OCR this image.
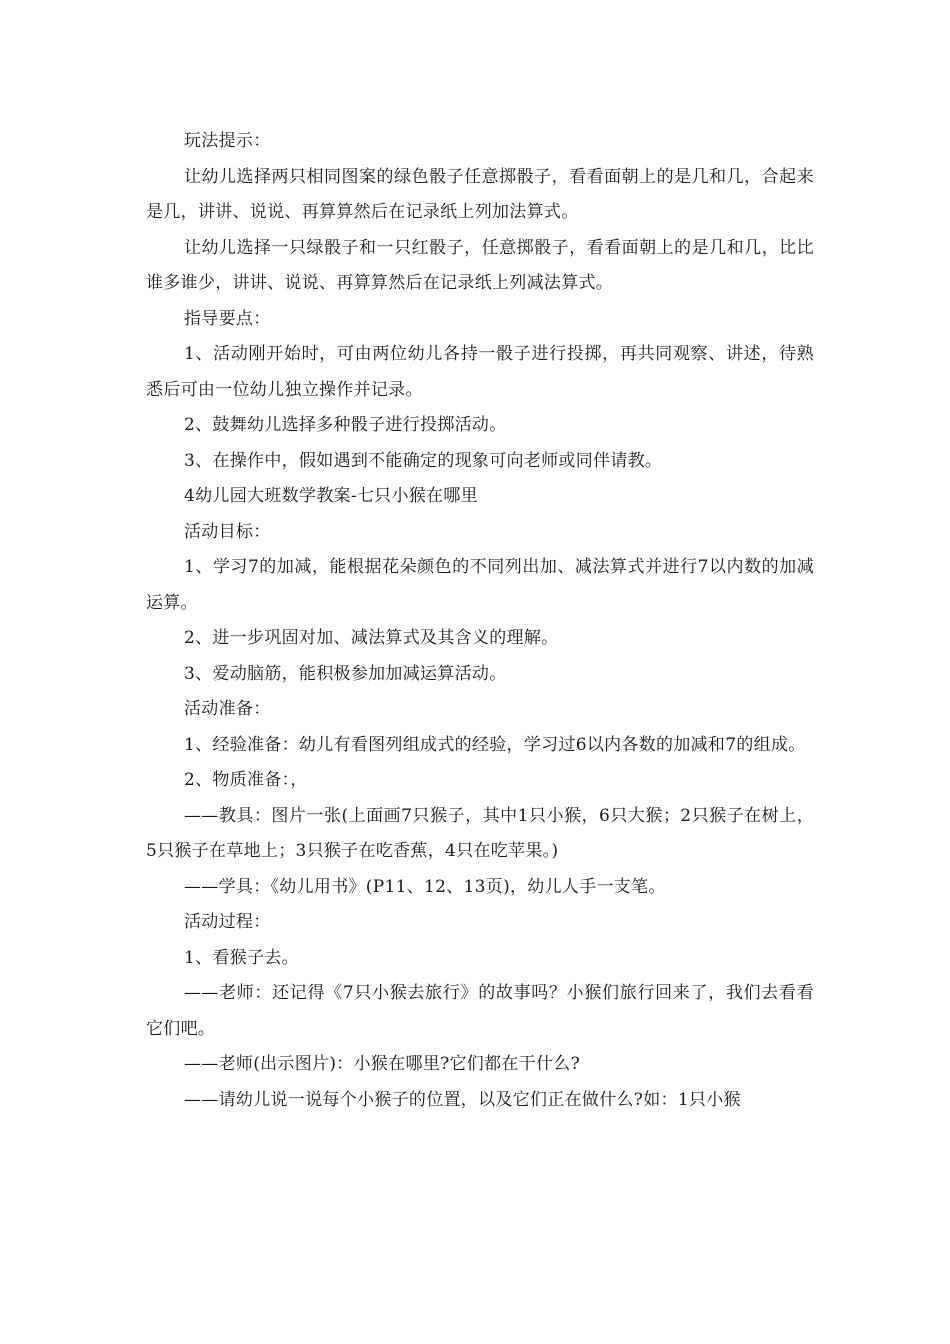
玩法提示：

让幼儿选择两只相同图案的绿色骰子任意掷骰子，看看面朝上的是几和几，合起来是几，讲讲、说说、再算算然后在记录纸上列加法算式。

让幼儿选择一只绿骰子和一只红骰子，任意掷骰子，看看面朝上的是几和几，比比谁多谁少，讲讲、说说、再算算然后在记录纸上列减法算式。

指导要点：

1、活动刚开始时，可由两位幼儿各持一骰子进行投掷，再共同观察、讲述，待熟悉后可由一位幼儿独立操作并记录。

2、鼓舞幼儿选择多种骰子进行投掷活动。

3、在操作中，假如遇到不能确定的现象可向老师或同伴请教。

4幼儿园大班数学教案-七只小猴在哪里

活动目标：

1、学习7的加减，能根据花朵颜色的不同列出加、减法算式并进行7以内数的加减运算。

2、进一步巩固对加、减法算式及其含义的理解。

3、爱动脑筋，能积极参加加减运算活动。

活动准备：

1、经验准备：幼儿有看图列组成式的经验，学习过6以内各数的加减和7的组成。

2、物质准备：，

——教具：图片一张(上面画7只猴子，其中1只小猴，6只大猴；2只猴子在树上，5只猴子在草地上；3只猴子在吃香蕉，4只在吃苹果。)

——学具：《幼儿用书》(P11、12、13页)，幼儿人手一支笔。

活动过程：

1、看猴子去。

——老师：还记得《7只小猴去旅行》的故事吗？小猴们旅行回来了，我们去看看它们吧。

——老师(出示图片)：小猴在哪里?它们都在干什么?

——请幼儿说一说每个小猴子的位置，以及它们正在做什么?如：1只小猴
